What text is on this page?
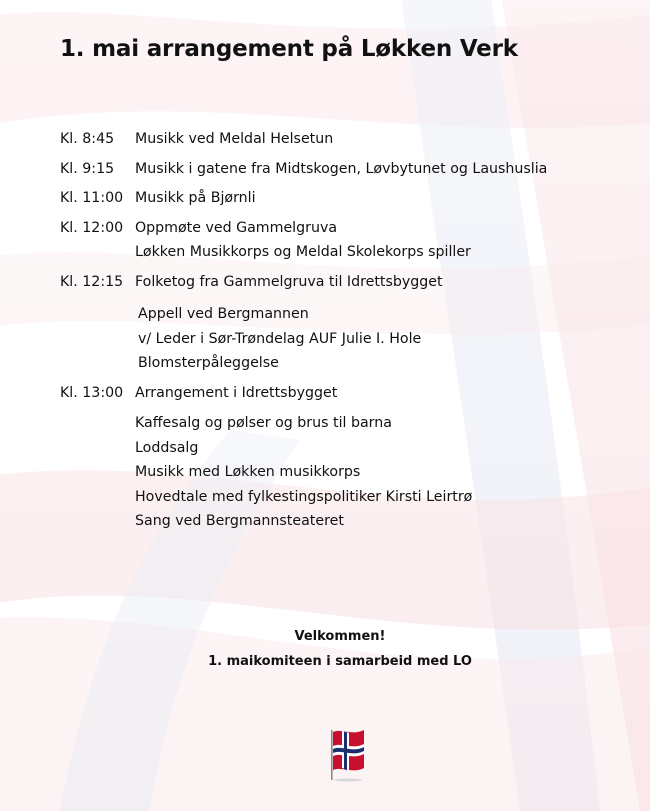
1. mai arrangement på Løkken Verk
Kl. 8:45	Musikk ved Meldal Helsetun
Kl. 9:15	Musikk i gatene fra Midtskogen, Løvbytunet og Laushuslia
Kl. 11:00 Musikk på Bjørnli
Kl. 12:00 Oppmøte ved Gammelgruva
Løkken Musikkorps og Meldal Skolekorps spiller
Kl. 12:15 Folketog fra Gammelgruva til Idrettsbygget
Appell ved Bergmannen
v/ Leder i Sør-Trøndelag AUF Julie I. Hole
Blomsterpåleggelse
Kl. 13:00 Arrangement i Idrettsbygget
Kaffesalg og pølser og brus til barna
Loddsalg
Musikk med Løkken musikkorps
Hovedtale med fylkestingspolitiker Kirsti Leirtrø
Sang ved Bergmannsteateret
Velkommen!
1. maikomiteen i samarbeid med LO
